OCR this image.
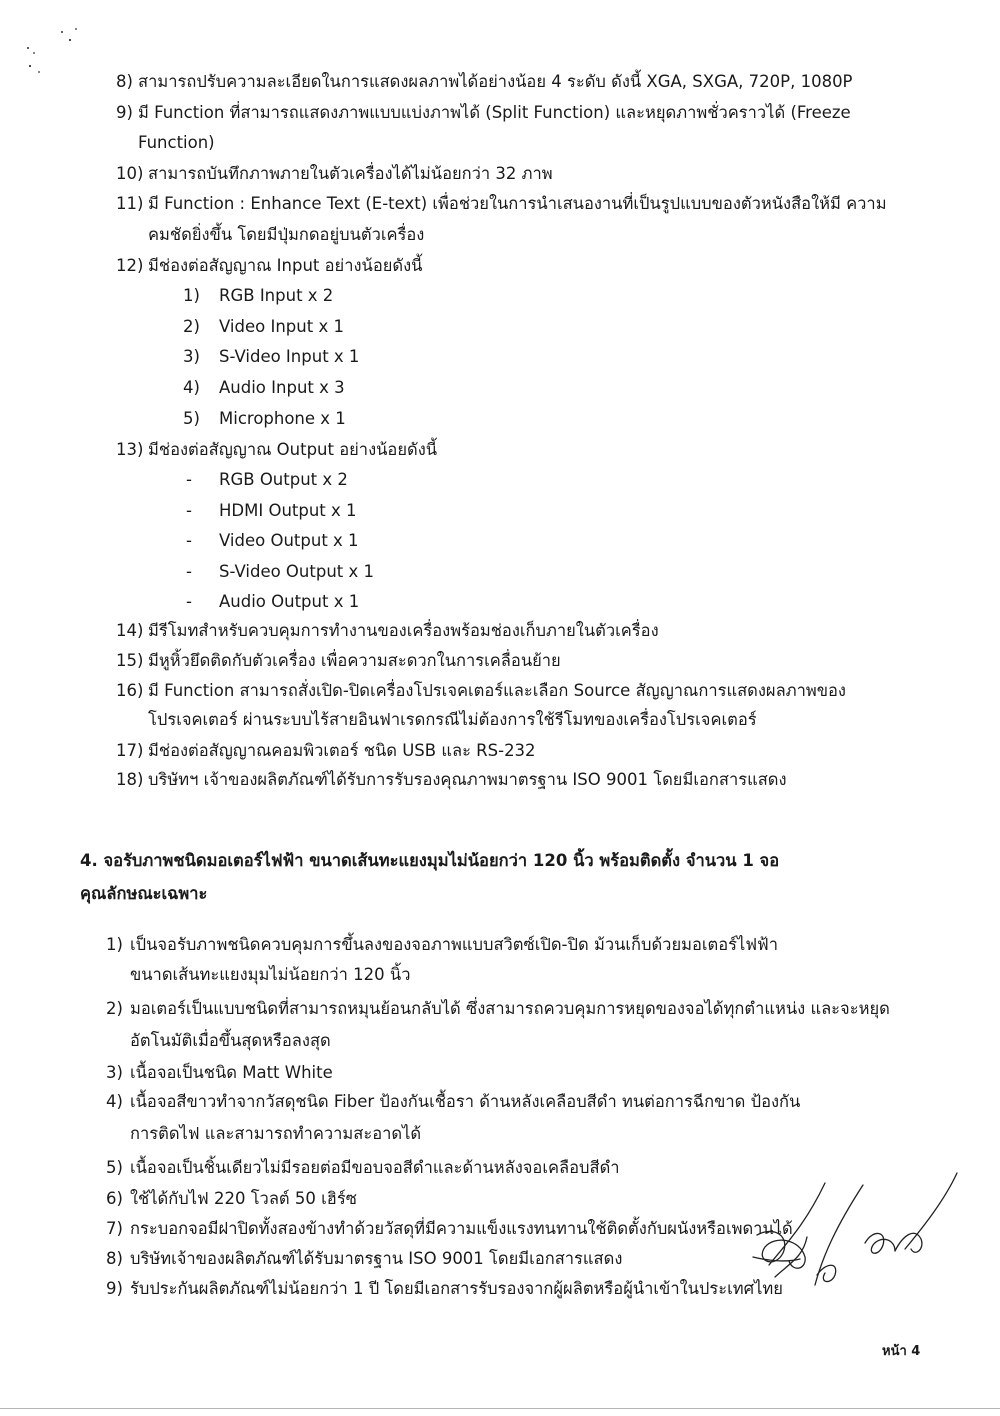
8) สามารถปรับความละเอียดในการแสดงผลภาพได้อย่างน้อย 4 ระดับ ดังนี้ XGA, SXGA, 720P, 1080P
9) มี Function ที่สามารถแสดงภาพแบบแบ่งภาพได้ (Split Function) และหยุดภาพชั่วคราวได้ (Freeze
Function)
10) สามารถบันทึกภาพภายในตัวเครื่องได้ไม่น้อยกว่า 32 ภาพ
11) มี Function : Enhance Text (E-text) เพื่อช่วยในการนำเสนองานที่เป็นรูปแบบของตัวหนังสือให้มี ความ
คมชัดยิ่งขึ้น โดยมีปุ่มกดอยู่บนตัวเครื่อง
12) มีช่องต่อสัญญาณ Input อย่างน้อยดังนี้
1) RGB Input x 2
2) Video Input x 1
3) S-Video Input x 1
4) Audio Input x 3
5) Microphone x 1
13) มีช่องต่อสัญญาณ Output อย่างน้อยดังนี้
- RGB Output x 2
- HDMI Output x 1
- Video Output x 1
- S-Video Output x 1
- Audio Output x 1
14) มีรีโมทสำหรับควบคุมการทำงานของเครื่องพร้อมช่องเก็บภายในตัวเครื่อง
15) มีหูหิ้วยึดติดกับตัวเครื่อง เพื่อความสะดวกในการเคลื่อนย้าย
16) มี Function สามารถสั่งเปิด-ปิดเครื่องโปรเจคเตอร์และเลือก Source สัญญาณการแสดงผลภาพของ
โปรเจคเตอร์ ผ่านระบบไร้สายอินฟาเรดกรณีไม่ต้องการใช้รีโมทของเครื่องโปรเจคเตอร์
17) มีช่องต่อสัญญาณคอมพิวเตอร์ ชนิด USB และ RS-232
18) บริษัทฯ เจ้าของผลิตภัณฑ์ได้รับการรับรองคุณภาพมาตรฐาน ISO 9001 โดยมีเอกสารแสดง
4. จอรับภาพชนิดมอเตอร์ไฟฟ้า ขนาดเส้นทะแยงมุมไม่น้อยกว่า 120 นิ้ว พร้อมติดตั้ง จำนวน 1 จอ
คุณลักษณะเฉพาะ
1) เป็นจอรับภาพชนิดควบคุมการขึ้นลงของจอภาพแบบสวิตซ์เปิด-ปิด ม้วนเก็บด้วยมอเตอร์ไฟฟ้า
ขนาดเส้นทะแยงมุมไม่น้อยกว่า 120 นิ้ว
2) มอเตอร์เป็นแบบชนิดที่สามารถหมุนย้อนกลับได้ ซึ่งสามารถควบคุมการหยุดของจอได้ทุกตำแหน่ง และจะหยุด
อัตโนมัติเมื่อขึ้นสุดหรือลงสุด
3) เนื้อจอเป็นชนิด Matt White
4) เนื้อจอสีขาวทำจากวัสดุชนิด Fiber ป้องกันเชื้อรา ด้านหลังเคลือบสีดำ ทนต่อการฉีกขาด ป้องกัน
การติดไฟ และสามารถทำความสะอาดได้
5) เนื้อจอเป็นชิ้นเดียวไม่มีรอยต่อมีขอบจอสีดำและด้านหลังจอเคลือบสีดำ
6) ใช้ได้กับไฟ 220 โวลต์ 50 เฮิร์ซ
7) กระบอกจอมีฝาปิดทั้งสองข้างทำด้วยวัสดุที่มีความแข็งแรงทนทานใช้ติดตั้งกับผนังหรือเพดานได้
8) บริษัทเจ้าของผลิตภัณฑ์ได้รับมาตรฐาน ISO 9001 โดยมีเอกสารแสดง
9) รับประกันผลิตภัณฑ์ไม่น้อยกว่า 1 ปี โดยมีเอกสารรับรองจากผู้ผลิตหรือผู้นำเข้าในประเทศไทย
หน้า 4
